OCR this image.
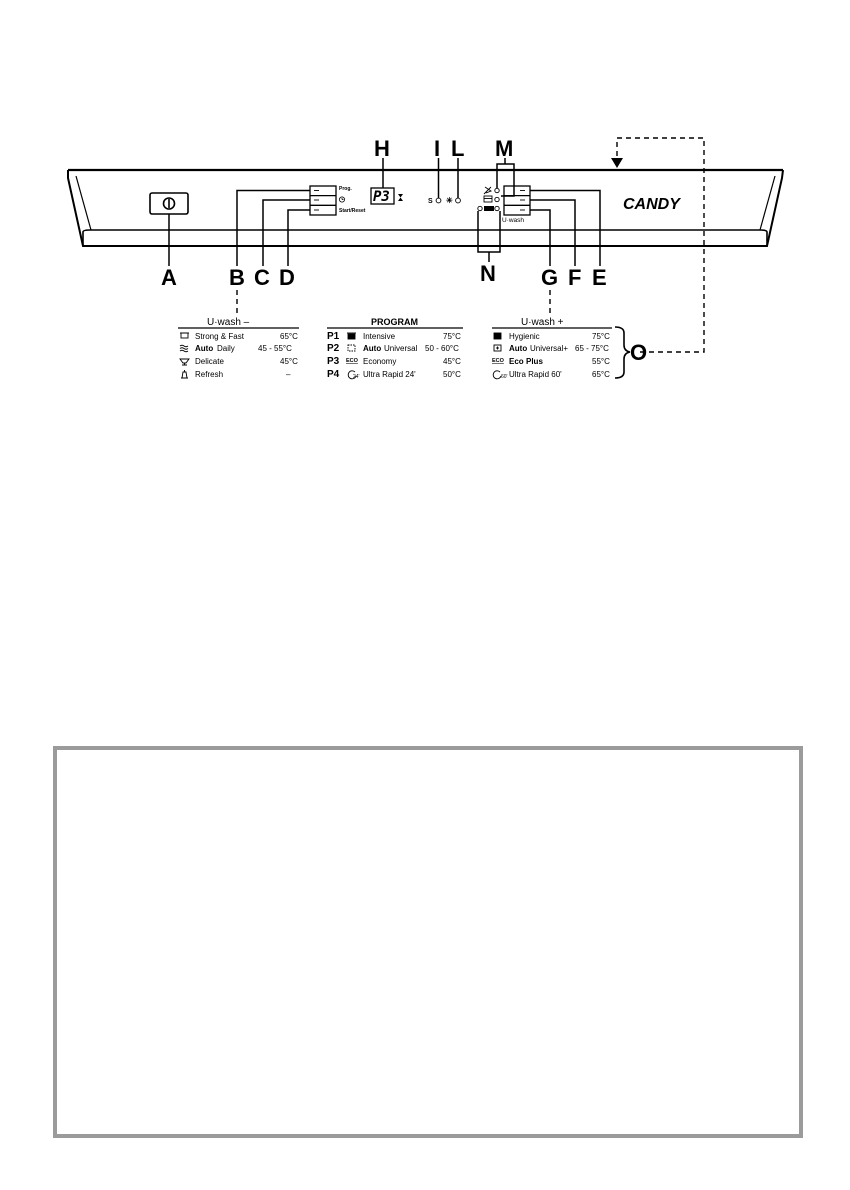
Prog.
Start/Reset
P3	S ✳
U·wash
CANDY
A B C D	E
F
G
H I L M
N
O
U·wash –
Strong & Fast	65°C
Auto Daily	45 - 55°C
Delicate	45°C
Refresh	–
PROGRAM
ECO
24'
P1	Intensive	75°C
P2	Auto Universal 50 - 60°C
P3	Economy	45°C
P4	Ultra Rapid 24'	50°C
U·wash +
ECO
60'
Hygienic	75°C
Auto Universal+ 65 - 75°C
Eco Plus	55°C
Ultra Rapid 60'	65°C
